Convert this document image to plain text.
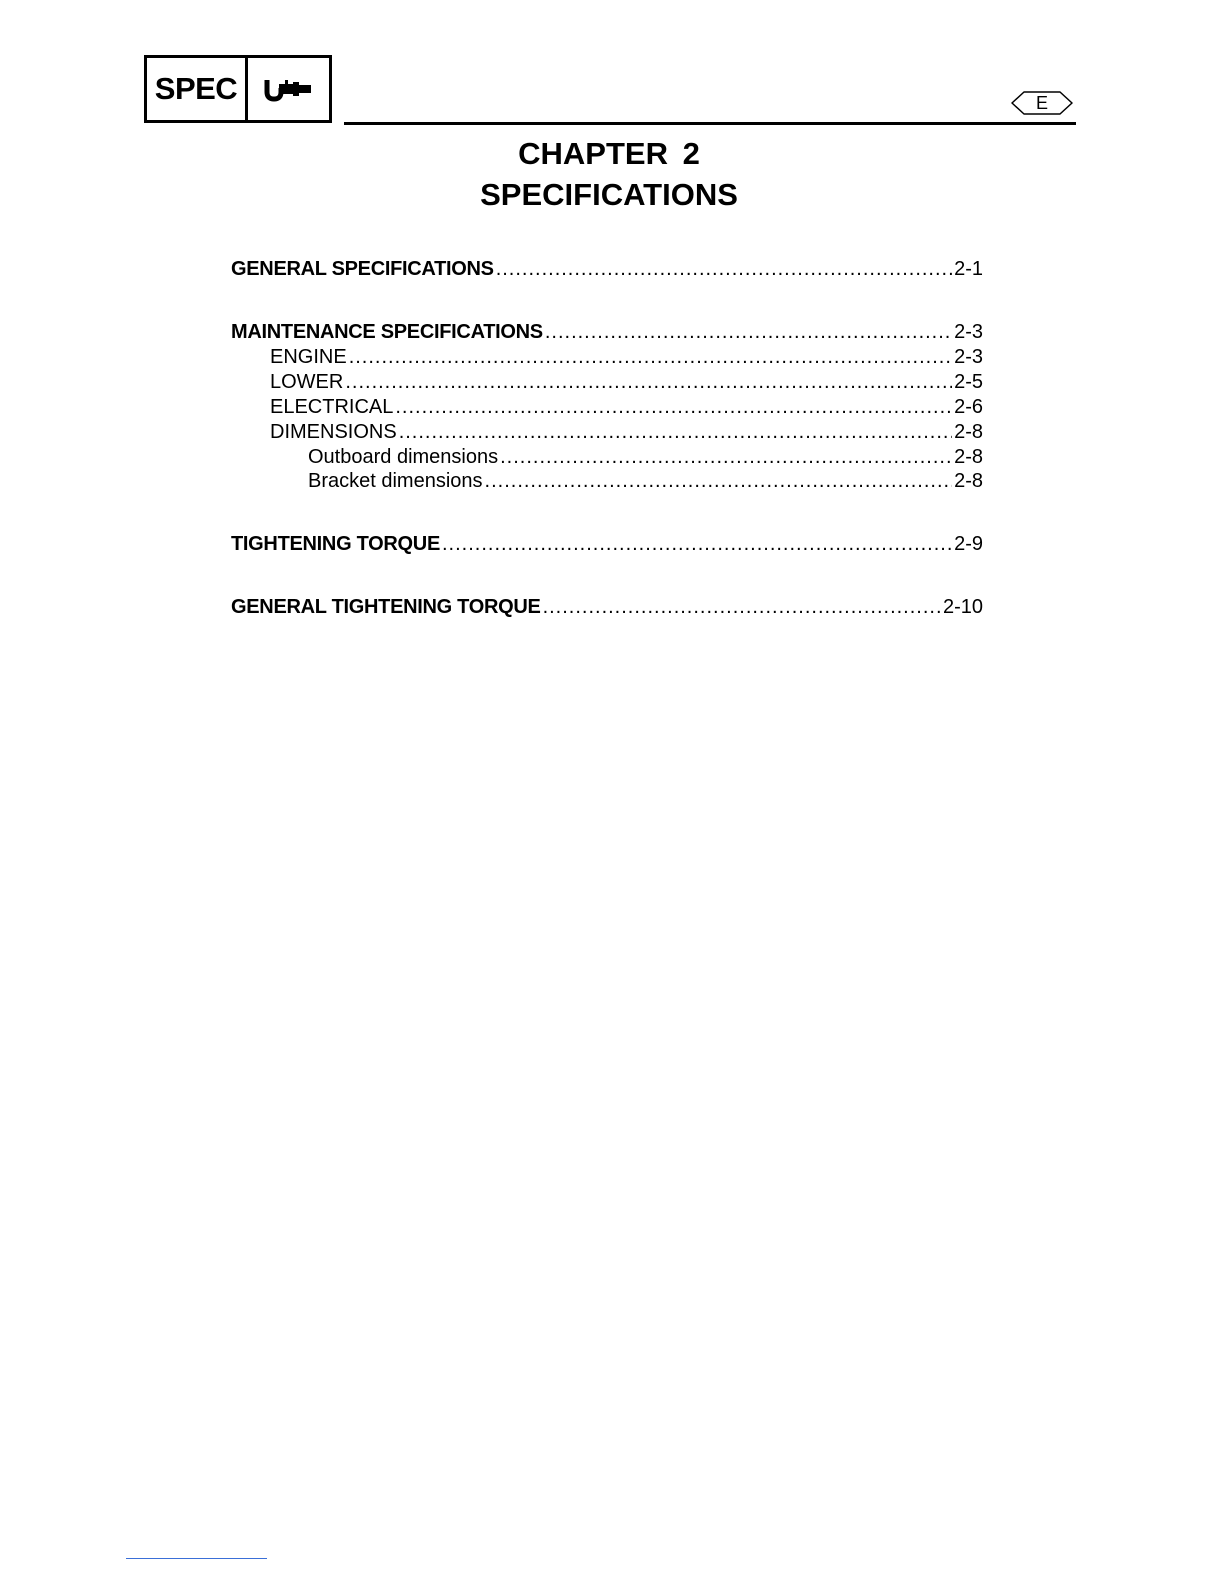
SPEC	E
CHAPTER 2
SPECIFICATIONS
GENERAL SPECIFICATIONS .....	2-1
MAINTENANCE SPECIFICATIONS .....	2-3
ENGINE .....	2-3
LOWER .....	2-5
ELECTRICAL .....	2-6
DIMENSIONS .....	2-8
Outboard dimensions .....	2-8
Bracket dimensions .....	2-8
TIGHTENING TORQUE .....	2-9
GENERAL TIGHTENING TORQUE .....	2-10
